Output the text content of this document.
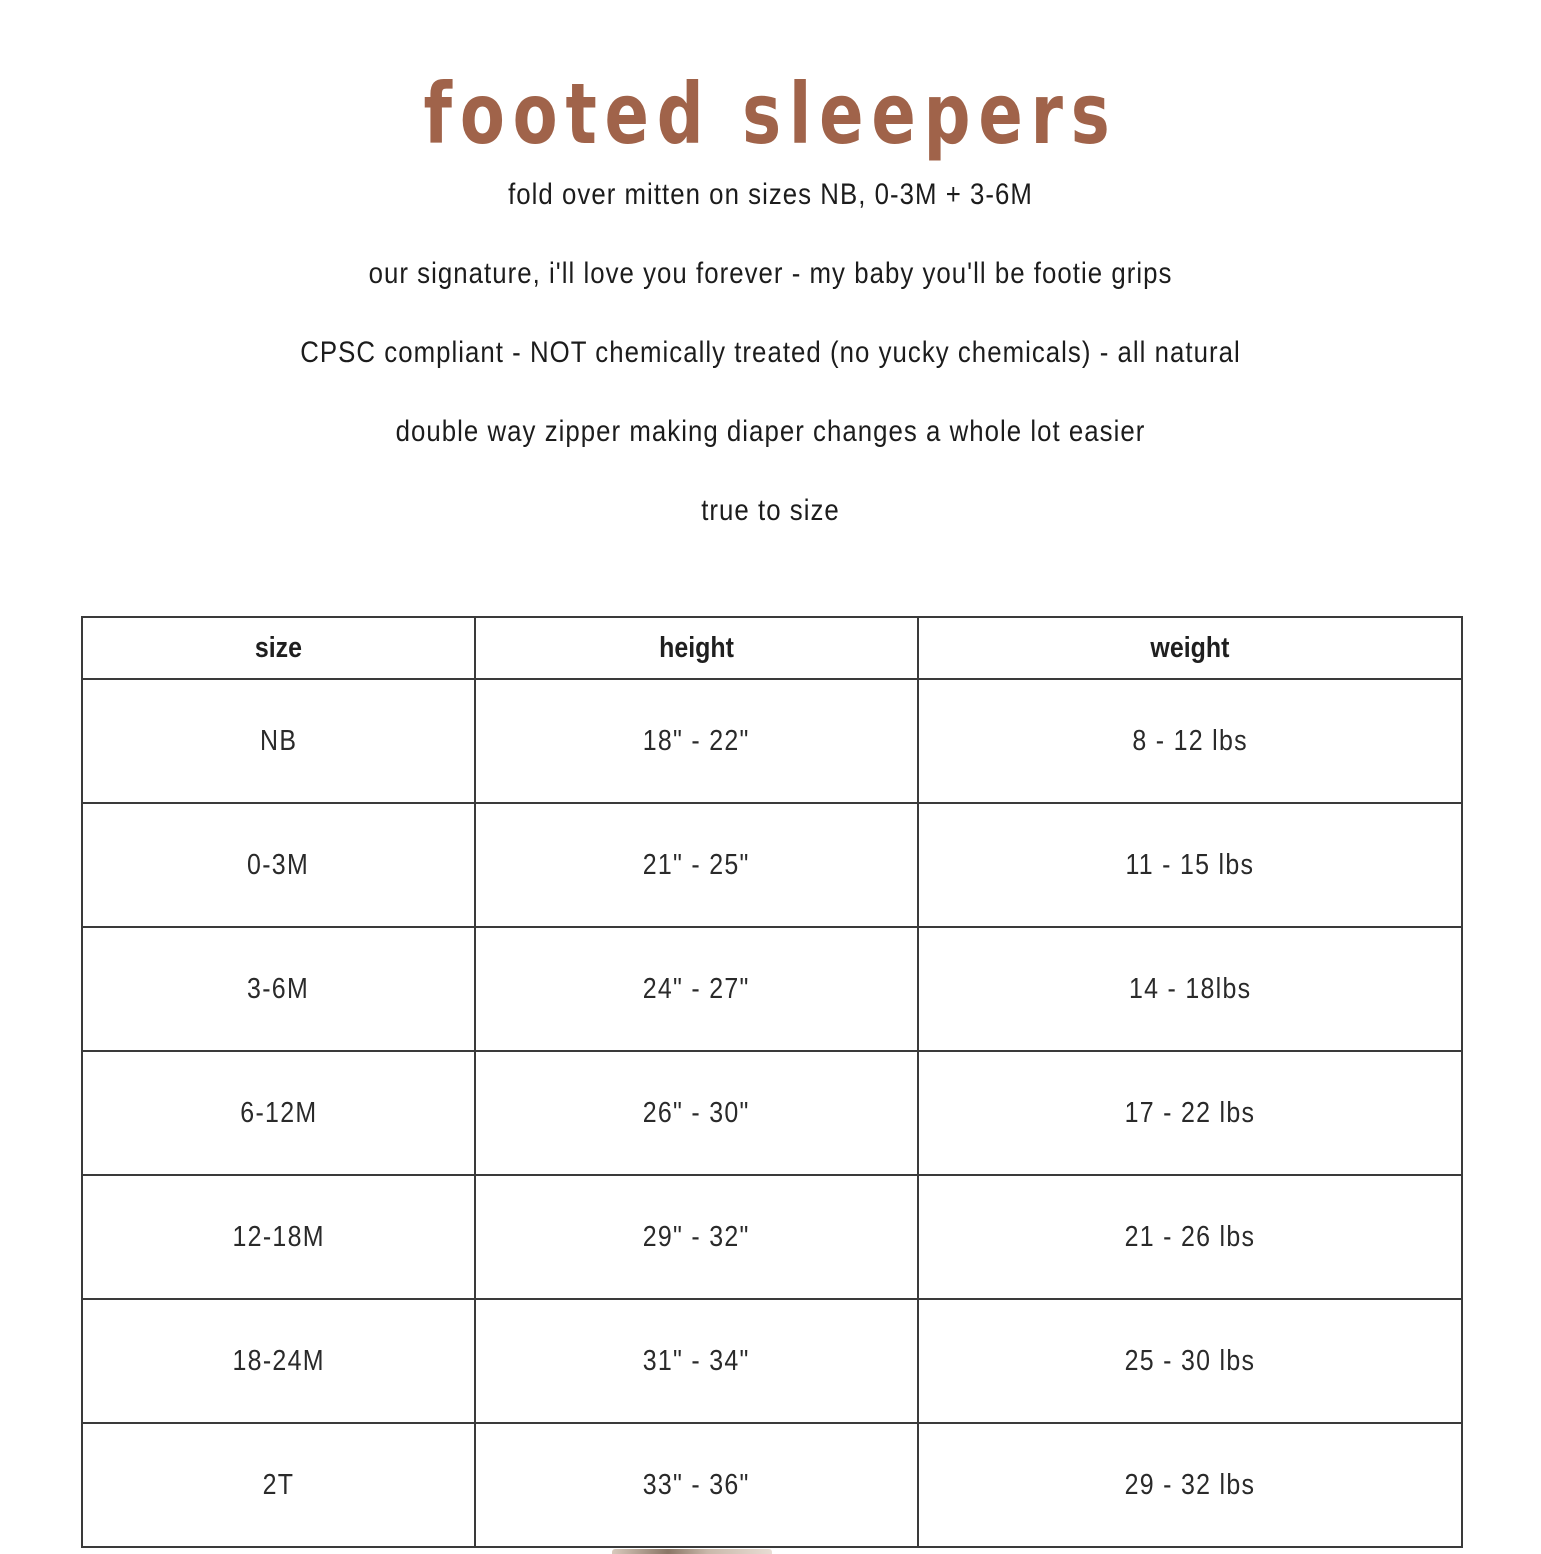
footed sleepers
fold over mitten on sizes NB, 0-3M + 3-6M
our signature, i'll love you forever - my baby you'll be footie grips
CPSC compliant - NOT chemically treated (no yucky chemicals) - all natural
double way zipper making diaper changes a whole lot easier
true to size
size	height	weight
NB	18" - 22"	8 - 12 lbs
0-3M	21" - 25"	11 - 15 lbs
3-6M	24" - 27"	14 - 18lbs
6-12M	26" - 30"	17 - 22 lbs
12-18M	29" - 32"	21 - 26 lbs
18-24M	31" - 34"	25 - 30 lbs
2T	33" - 36"	29 - 32 lbs
